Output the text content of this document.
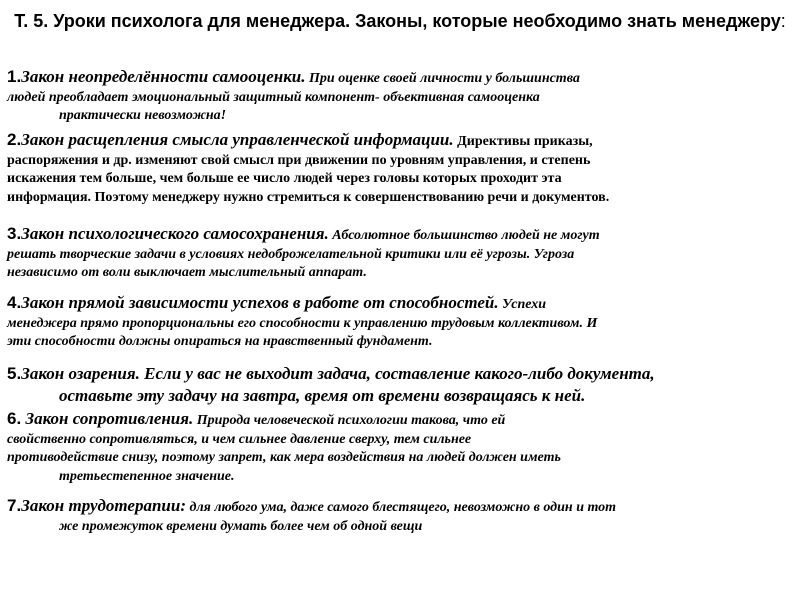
Т. 5. Уроки психолога для менеджера. Законы, которые необходимо знать менеджеру:
1.Закон неопределённости самооценки. При оценке своей личности у большинства
людей преобладает эмоциональный защитный компонент- объективная самооценка
практически невозможна!
2.Закон расщепления смысла управленческой информации. Директивы приказы,
распоряжения и др. изменяют свой смысл при движении по уровням управления, и степень
искажения тем больше, чем больше ее число людей через головы которых проходит эта
информация. Поэтому менеджеру нужно стремиться к совершенствованию речи и документов.
3.Закон психологического самосохранения. Абсолютное большинство людей не могут
решать творческие задачи в условиях недоброжелательной критики или её угрозы. Угроза
независимо от воли выключает мыслительный аппарат.
4.Закон прямой зависимости успехов в работе от способностей. Успехи
менеджера прямо пропорциональны его способности к управлению трудовым коллективом. И
эти способности должны опираться на нравственный фундамент.
5.Закон озарения. Если у вас не выходит задача, составление какого-либо документа,
оставьте эту задачу на завтра, время от времени возвращаясь к ней.
6. Закон сопротивления. Природа человеческой психологии такова, что ей
свойственно сопротивляться, и чем сильнее давление сверху, тем сильнее
противодействие снизу, поэтому запрет, как мера воздействия на людей должен иметь
третьестепенное значение.
7.Закон трудотерапии: для любого ума, даже самого блестящего, невозможно в один и тот
же промежуток времени думать более чем об одной вещи
